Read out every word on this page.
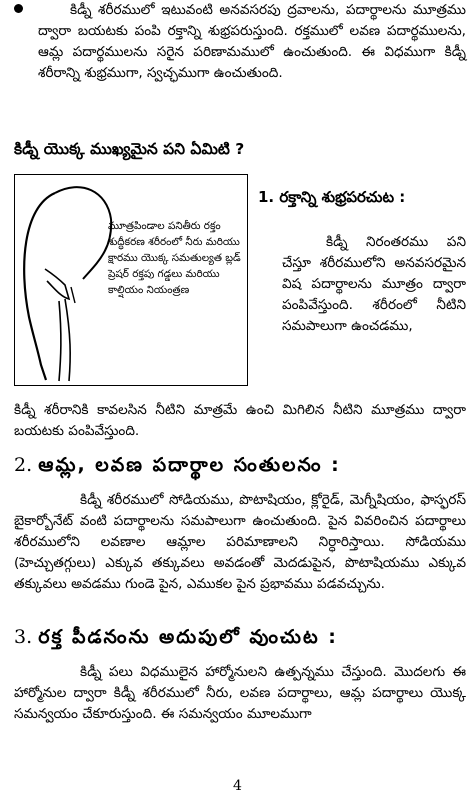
కిడ్నీ శరీరములో ఇటువంటి అనవసరపు ద్రవాలను, పదార్థాలను మూత్రము ద్వారా బయటకు పంపి రక్తాన్ని శుభ్రపరుస్తుంది. రక్తములో లవణ పదార్థములను, ఆమ్ల పదార్థములను సరైన పరిణామములో ఉంచుతుంది. ఈ విధముగా కిడ్నీ శరీరాన్ని శుభ్రముగా, స్వచ్ఛముగా ఉంచుతుంది.
కిడ్నీ యొక్క ముఖ్యమైన పని ఏమిటి ?
మూత్రపిండాల పనితీరు రక్తం శుద్ధీకరణ శరీరంలో నీరు మరియు క్షారము యొక్క సమతుల్యత బ్లడ్ ప్రెషర్ రక్తపు గడ్డలు మరియు కాల్షియం నియంత్రణ
1. రక్తాన్ని శుభ్రపరచుట :
కిడ్నీ నిరంతరము పని చేస్తూ శరీరములోని అనవసరమైన విష పదార్థాలను మూత్రం ద్వారా పంపివేస్తుంది. శరీరంలో నీటిని సమపాలుగా ఉంచడము,
కిడ్నీ శరీరానికి కావలసిన నీటిని మాత్రమే ఉంచి మిగిలిన నీటిని మూత్రము ద్వారా బయటకు పంపివేస్తుంది.
2. ఆమ్ల, లవణ పదార్థాల సంతులనం :
కిడ్నీ శరీరములో సోడియము, పొటాషియం, క్లోరైడ్, మెగ్నీషియం, ఫాస్ఫరస్ బైకార్బోనేట్ వంటి పదార్థాలను సమపాలుగా ఉంచుతుంది. పైన వివరించిన పదార్థాలు శరీరములోని లవణాల ఆమ్లాల పరిమాణాలని నిర్ధారిస్తాయి. సోడియము (హెచ్చుతగ్గులు) ఎక్కువ తక్కువలు అవడంతో మెదడుపైన, పొటాషియము ఎక్కువ తక్కువలు అవడము గుండె పైన, ఎముకల పైన ప్రభావము పడవచ్చును.
3. రక్త పీడనంను అదుపులో వుంచుట :
కిడ్నీ పలు విధములైన హార్మోనులని ఉత్పన్నము చేస్తుంది. మొదలగు ఈ హార్మోనుల ద్వారా కిడ్నీ శరీరములో నీరు, లవణ పదార్థాలు, ఆమ్ల పదార్థాలు యొక్క సమన్వయం చేకూరుస్తుంది. ఈ సమన్వయం మూలముగా
4
